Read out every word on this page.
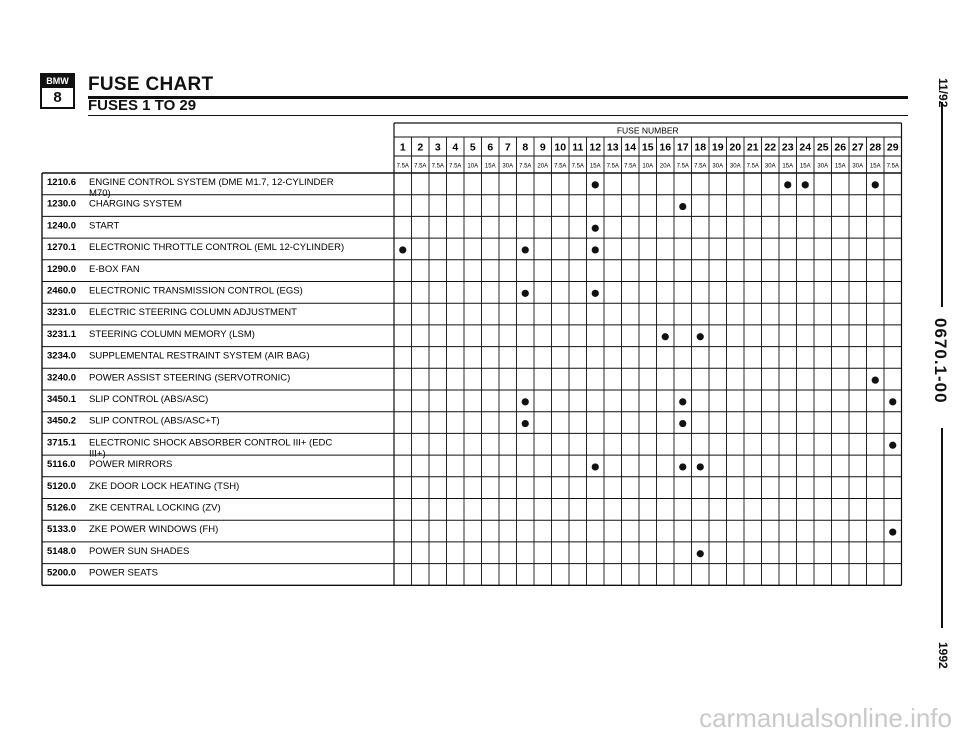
BMW
8
FUSE CHART
FUSES 1 TO 29
FUSE NUMBER
1
7.5A
2
7.5A
3
7.5A
4
7.5A
5
10A
6
15A
7
30A
8
7.5A
9
20A
10
7.5A
11
7.5A
12
15A
13
7.5A
14
7.5A
15
10A
16
20A
17
7.5A
18
7.5A
19
30A
20
30A
21
7.5A
22
30A
23
15A
24
15A
25
30A
26
15A
27
30A
28
15A
29
7.5A
1210.6 ENGINE CONTROL SYSTEM (DME M1.7, 12-CYLINDER
M70)
1230.0 CHARGING SYSTEM
1240.0 START
1270.1 ELECTRONIC THROTTLE CONTROL (EML 12-CYLINDER)
1290.0 E-BOX FAN
2460.0 ELECTRONIC TRANSMISSION CONTROL (EGS)
3231.0 ELECTRIC STEERING COLUMN ADJUSTMENT
3231.1 STEERING COLUMN MEMORY (LSM)
3234.0 SUPPLEMENTAL RESTRAINT SYSTEM (AIR BAG)
3240.0 POWER ASSIST STEERING (SERVOTRONIC)
3450.1 SLIP CONTROL (ABS/ASC)
3450.2 SLIP CONTROL (ABS/ASC+T)
3715.1 ELECTRONIC SHOCK ABSORBER CONTROL III+ (EDC
III+)
5116.0 POWER MIRRORS
5120.0 ZKE DOOR LOCK HEATING (TSH)
5126.0 ZKE CENTRAL LOCKING (ZV)
5133.0 ZKE POWER WINDOWS (FH)
5148.0 POWER SUN SHADES
5200.0 POWER SEATS
11/92
0670.1-00
1992
carmanualsonline.info
